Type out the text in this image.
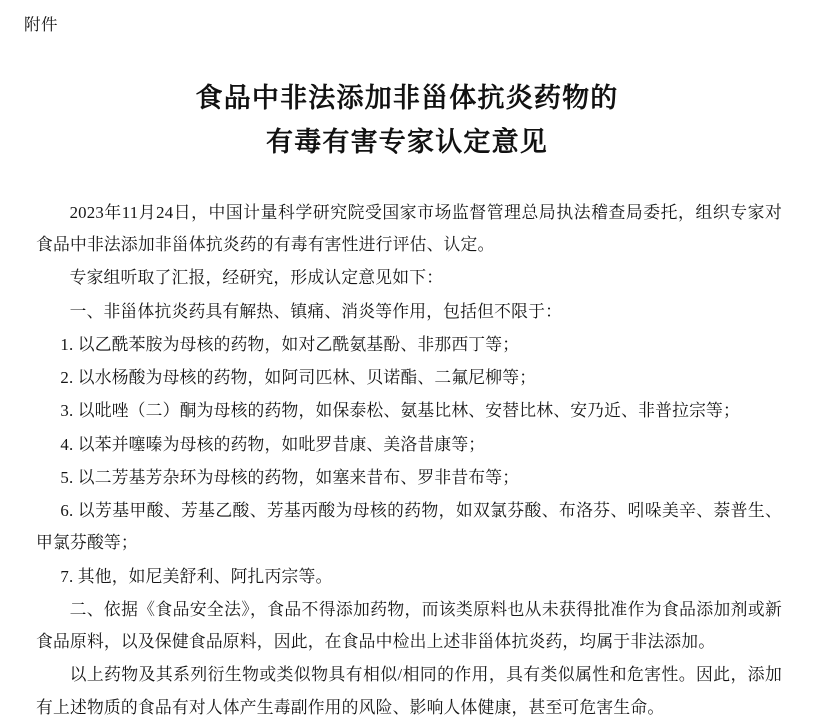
附件
食品中非法添加非甾体抗炎药物的
有毒有害专家认定意见

2023年11月24日，中国计量科学研究院受国家市场监督管理总局执法稽查局委托，组织专家对食品中非法添加非甾体抗炎药的有毒有害性进行评估、认定。

专家组听取了汇报，经研究，形成认定意见如下：

一、非甾体抗炎药具有解热、镇痛、消炎等作用，包括但不限于：

1. 以乙酰苯胺为母核的药物，如对乙酰氨基酚、非那西丁等；

2. 以水杨酸为母核的药物，如阿司匹林、贝诺酯、二氟尼柳等；

3. 以吡唑（二）酮为母核的药物，如保泰松、氨基比林、安替比林、安乃近、非普拉宗等；

4. 以苯并噻嗪为母核的药物，如吡罗昔康、美洛昔康等；

5. 以二芳基芳杂环为母核的药物，如塞来昔布、罗非昔布等；

6. 以芳基甲酸、芳基乙酸、芳基丙酸为母核的药物，如双氯芬酸、布洛芬、吲哚美辛、萘普生、甲氯芬酸等；

7. 其他，如尼美舒利、阿扎丙宗等。

二、依据《食品安全法》，食品不得添加药物，而该类原料也从未获得批准作为食品添加剂或新食品原料，以及保健食品原料，因此，在食品中检出上述非甾体抗炎药，均属于非法添加。

以上药物及其系列衍生物或类似物具有相似/相同的作用，具有类似属性和危害性。因此，添加有上述物质的食品有对人体产生毒副作用的风险、影响人体健康，甚至可危害生命。
